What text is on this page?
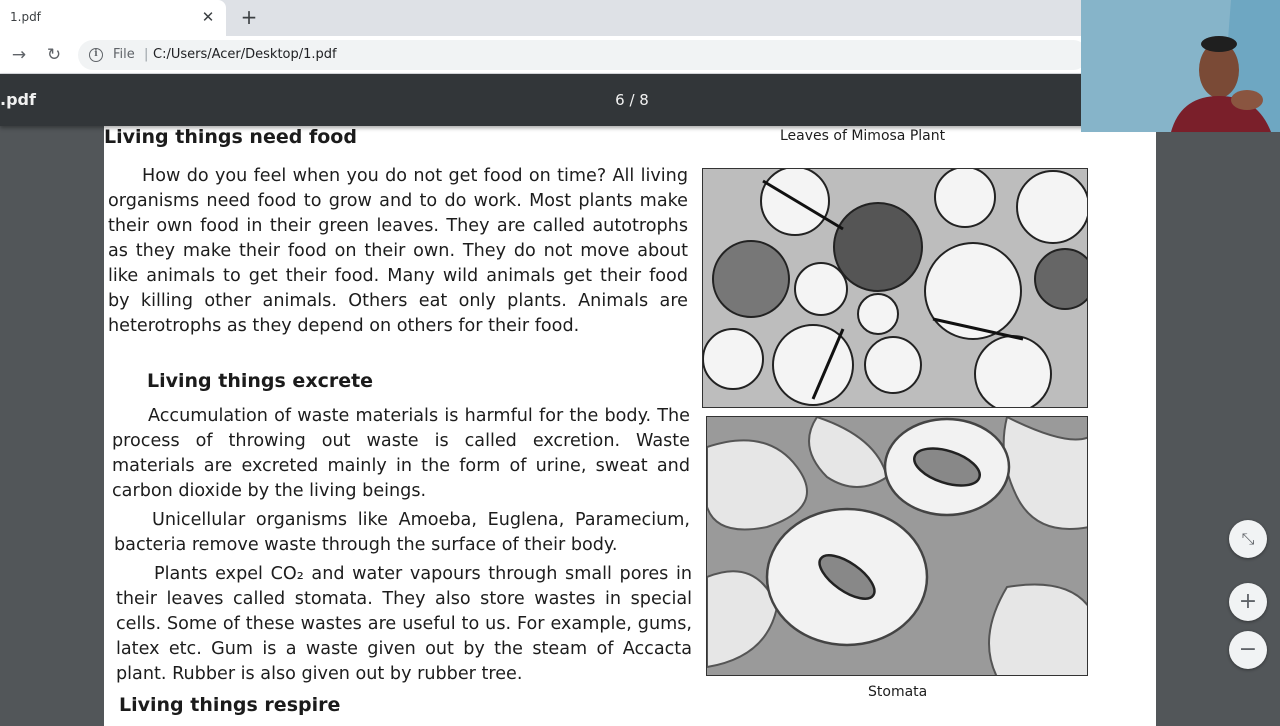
1.pdf	✕ +
→ ↻	i	File | C:/Users/Acer/Desktop/1.pdf
.pdf	6 / 8
Living things need food
How do you feel when you do not get food on time? All living organisms need food to grow and to do work. Most plants make their own food in their green leaves. They are called autotrophs as they make their food on their own. They do not move about like animals to get their food. Many wild animals get their food by killing other animals. Others eat only plants. Animals are heterotrophs as they depend on others for their food.
Living things excrete
Accumulation of waste materials is harmful for the body. The process of throwing out waste is called excretion. Waste materials are excreted mainly in the form of urine, sweat and carbon dioxide by the living beings.
Unicellular organisms like Amoeba, Euglena, Paramecium, bacteria remove waste through the surface of their body.
Plants expel CO₂ and water vapours through small pores in their leaves called stomata. They also store wastes in special cells. Some of these wastes are useful to us. For example, gums, latex etc. Gum is a waste given out by the steam of Accacta plant. Rubber is also given out by rubber tree.
Living things respire
Leaves of Mimosa Plant
Stomata
⤡
+
−
